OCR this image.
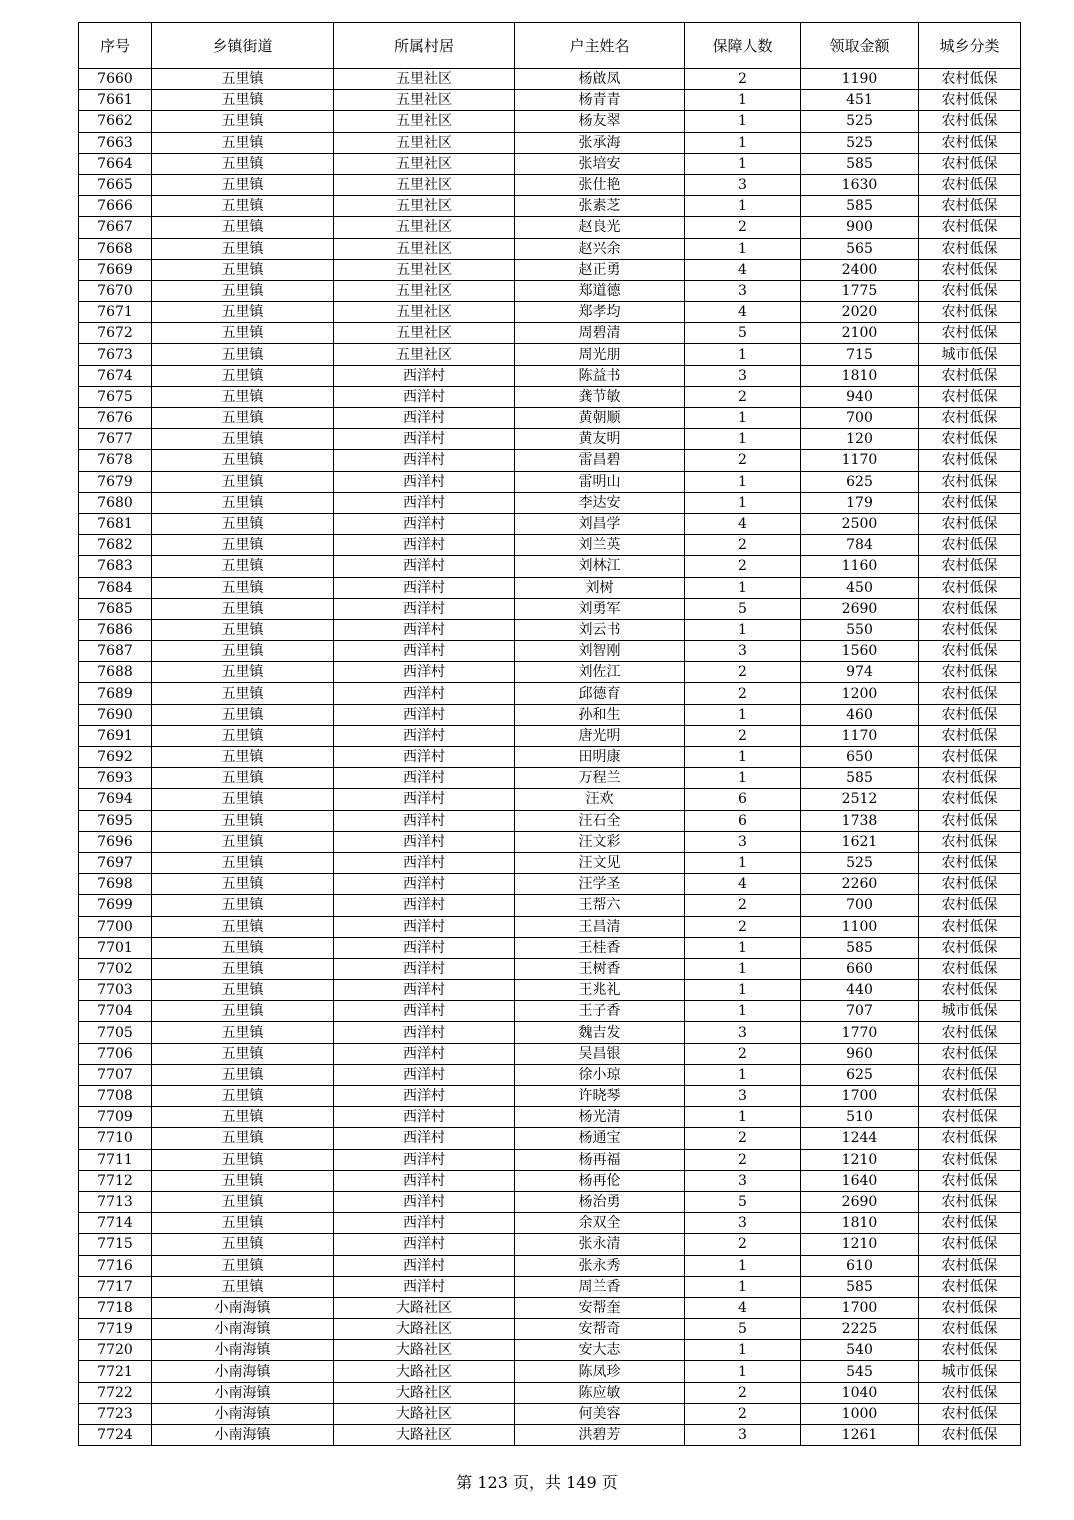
序号	乡镇街道	所属村居	户主姓名	保障人数	领取金额	城乡分类
7660	五里镇	五里社区	杨啟凤	2	1190	农村低保
7661	五里镇	五里社区	杨青青	1	451	农村低保
7662	五里镇	五里社区	杨友翠	1	525	农村低保
7663	五里镇	五里社区	张承海	1	525	农村低保
7664	五里镇	五里社区	张培安	1	585	农村低保
7665	五里镇	五里社区	张仕艳	3	1630	农村低保
7666	五里镇	五里社区	张素芝	1	585	农村低保
7667	五里镇	五里社区	赵良光	2	900	农村低保
7668	五里镇	五里社区	赵兴余	1	565	农村低保
7669	五里镇	五里社区	赵正勇	4	2400	农村低保
7670	五里镇	五里社区	郑道德	3	1775	农村低保
7671	五里镇	五里社区	郑孝均	4	2020	农村低保
7672	五里镇	五里社区	周碧清	5	2100	农村低保
7673	五里镇	五里社区	周光朋	1	715	城市低保
7674	五里镇	西洋村	陈益书	3	1810	农村低保
7675	五里镇	西洋村	龚节敏	2	940	农村低保
7676	五里镇	西洋村	黄朝顺	1	700	农村低保
7677	五里镇	西洋村	黄友明	1	120	农村低保
7678	五里镇	西洋村	雷昌碧	2	1170	农村低保
7679	五里镇	西洋村	雷明山	1	625	农村低保
7680	五里镇	西洋村	李达安	1	179	农村低保
7681	五里镇	西洋村	刘昌学	4	2500	农村低保
7682	五里镇	西洋村	刘兰英	2	784	农村低保
7683	五里镇	西洋村	刘林江	2	1160	农村低保
7684	五里镇	西洋村	刘树	1	450	农村低保
7685	五里镇	西洋村	刘勇军	5	2690	农村低保
7686	五里镇	西洋村	刘云书	1	550	农村低保
7687	五里镇	西洋村	刘智刚	3	1560	农村低保
7688	五里镇	西洋村	刘佐江	2	974	农村低保
7689	五里镇	西洋村	邱德育	2	1200	农村低保
7690	五里镇	西洋村	孙和生	1	460	农村低保
7691	五里镇	西洋村	唐光明	2	1170	农村低保
7692	五里镇	西洋村	田明康	1	650	农村低保
7693	五里镇	西洋村	万程兰	1	585	农村低保
7694	五里镇	西洋村	汪欢	6	2512	农村低保
7695	五里镇	西洋村	汪石全	6	1738	农村低保
7696	五里镇	西洋村	汪文彩	3	1621	农村低保
7697	五里镇	西洋村	汪文见	1	525	农村低保
7698	五里镇	西洋村	汪学圣	4	2260	农村低保
7699	五里镇	西洋村	王帮六	2	700	农村低保
7700	五里镇	西洋村	王昌清	2	1100	农村低保
7701	五里镇	西洋村	王桂香	1	585	农村低保
7702	五里镇	西洋村	王树香	1	660	农村低保
7703	五里镇	西洋村	王兆礼	1	440	农村低保
7704	五里镇	西洋村	王子香	1	707	城市低保
7705	五里镇	西洋村	魏吉发	3	1770	农村低保
7706	五里镇	西洋村	吴昌银	2	960	农村低保
7707	五里镇	西洋村	徐小琼	1	625	农村低保
7708	五里镇	西洋村	许晓琴	3	1700	农村低保
7709	五里镇	西洋村	杨光清	1	510	农村低保
7710	五里镇	西洋村	杨通宝	2	1244	农村低保
7711	五里镇	西洋村	杨再福	2	1210	农村低保
7712	五里镇	西洋村	杨再伦	3	1640	农村低保
7713	五里镇	西洋村	杨治勇	5	2690	农村低保
7714	五里镇	西洋村	余双全	3	1810	农村低保
7715	五里镇	西洋村	张永清	2	1210	农村低保
7716	五里镇	西洋村	张永秀	1	610	农村低保
7717	五里镇	西洋村	周兰香	1	585	农村低保
7718	小南海镇	大路社区	安帮奎	4	1700	农村低保
7719	小南海镇	大路社区	安帮奇	5	2225	农村低保
7720	小南海镇	大路社区	安大志	1	540	农村低保
7721	小南海镇	大路社区	陈凤珍	1	545	城市低保
7722	小南海镇	大路社区	陈应敏	2	1040	农村低保
7723	小南海镇	大路社区	何美容	2	1000	农村低保
7724	小南海镇	大路社区	洪碧芳	3	1261	农村低保
第 123 页，共 149 页
